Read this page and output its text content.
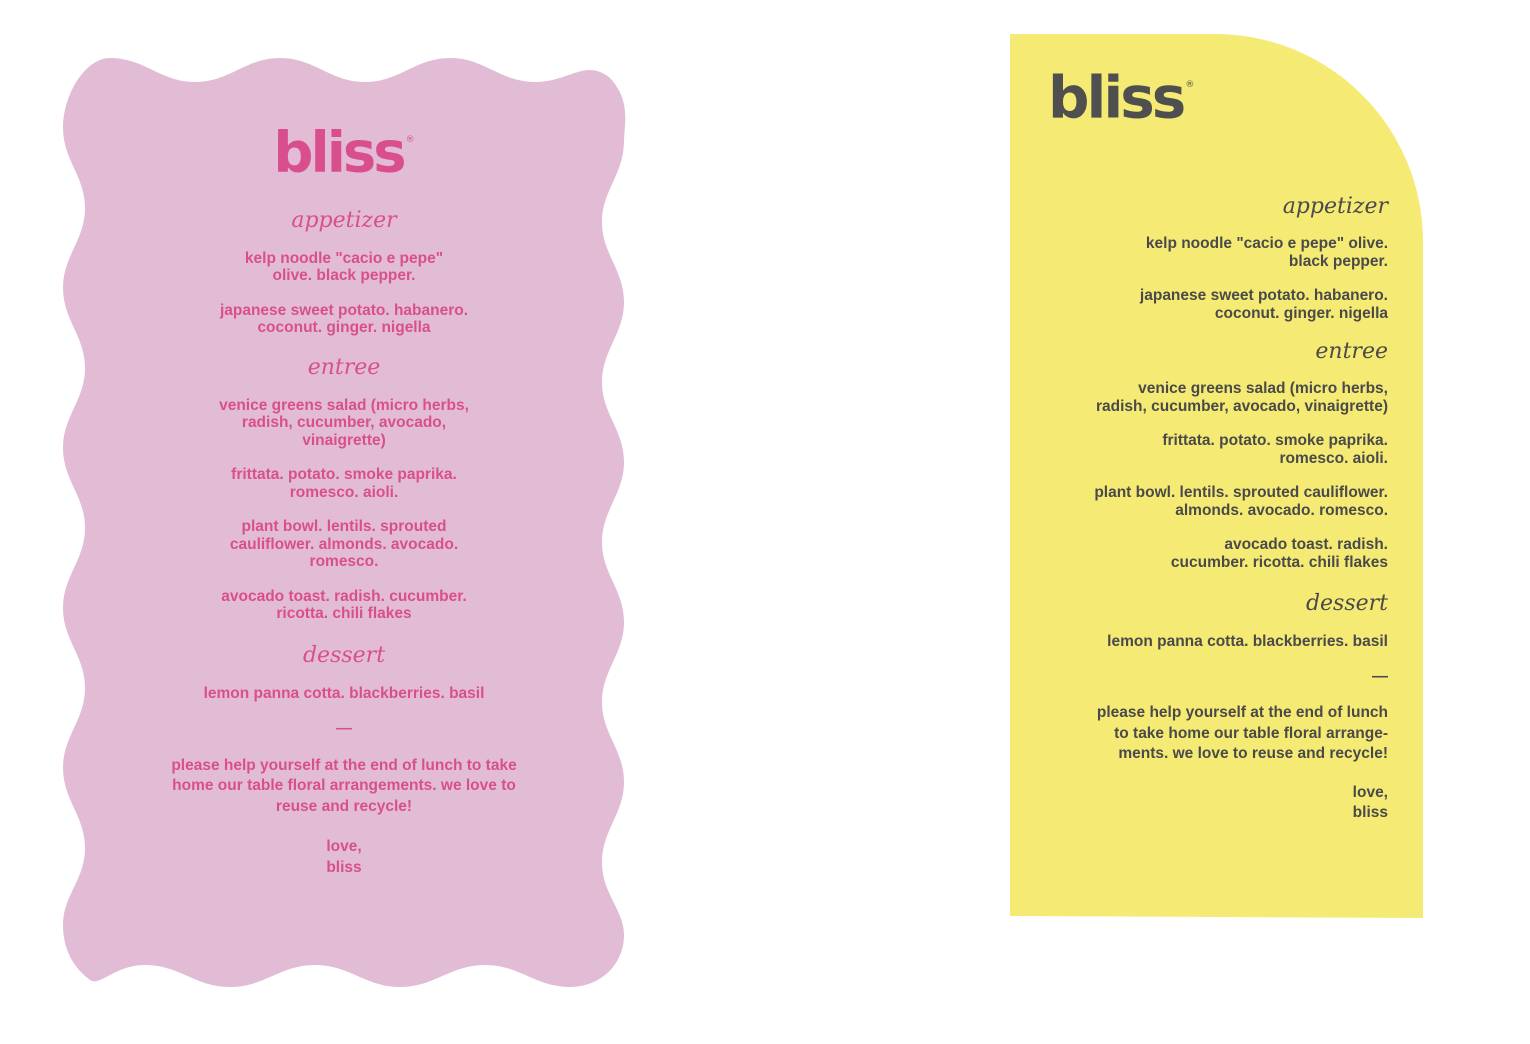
bliss ®

appetizer

kelp noodle "cacio e pepe"
olive. black pepper.

japanese sweet potato. habanero.
coconut. ginger. nigella

entree

venice greens salad (micro herbs,
radish, cucumber, avocado,
vinaigrette)

frittata. potato. smoke paprika.
romesco. aioli.

plant bowl. lentils. sprouted
cauliflower. almonds. avocado.
romesco.

avocado toast. radish. cucumber.
ricotta. chili flakes

dessert

lemon panna cotta. blackberries. basil

—

please help yourself at the end of lunch to take
home our table floral arrangements. we love to
reuse and recycle!

love,
bliss

bliss ®

appetizer

kelp noodle "cacio e pepe" olive.
black pepper.

japanese sweet potato. habanero.
coconut. ginger. nigella

entree

venice greens salad (micro herbs,
radish, cucumber, avocado, vinaigrette)

frittata. potato. smoke paprika.
romesco. aioli.

plant bowl. lentils. sprouted cauliflower.
almonds. avocado. romesco.

avocado toast. radish.
cucumber. ricotta. chili flakes

dessert

lemon panna cotta. blackberries. basil

—

please help yourself at the end of lunch
to take home our table floral arrange-
ments. we love to reuse and recycle!

love,
bliss
